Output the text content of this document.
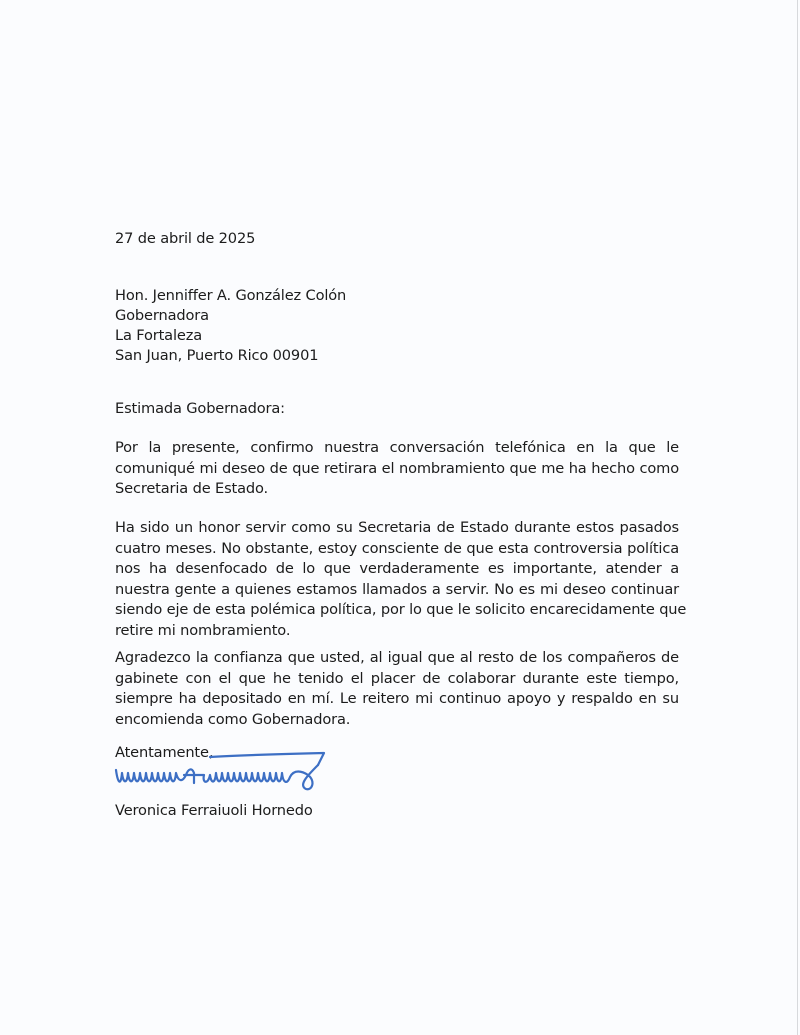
27 de abril de 2025
Hon. Jenniffer A. González Colón
Gobernadora
La Fortaleza
San Juan, Puerto Rico 00901
Estimada Gobernadora:
Por la presente, confirmo nuestra conversación telefónica en la que le
comuniqué mi deseo de que retirara el nombramiento que me ha hecho como
Secretaria de Estado.
Ha sido un honor servir como su Secretaria de Estado durante estos pasados
cuatro meses. No obstante, estoy consciente de que esta controversia política
nos ha desenfocado de lo que verdaderamente es importante, atender a
nuestra gente a quienes estamos llamados a servir. No es mi deseo continuar
siendo eje de esta polémica política, por lo que le solicito encarecidamente que
retire mi nombramiento.
Agradezco la confianza que usted, al igual que al resto de los compañeros de
gabinete con el que he tenido el placer de colaborar durante este tiempo,
siempre ha depositado en mí. Le reitero mi continuo apoyo y respaldo en su
encomienda como Gobernadora.
Atentamente,
Veronica Ferraiuoli Hornedo
